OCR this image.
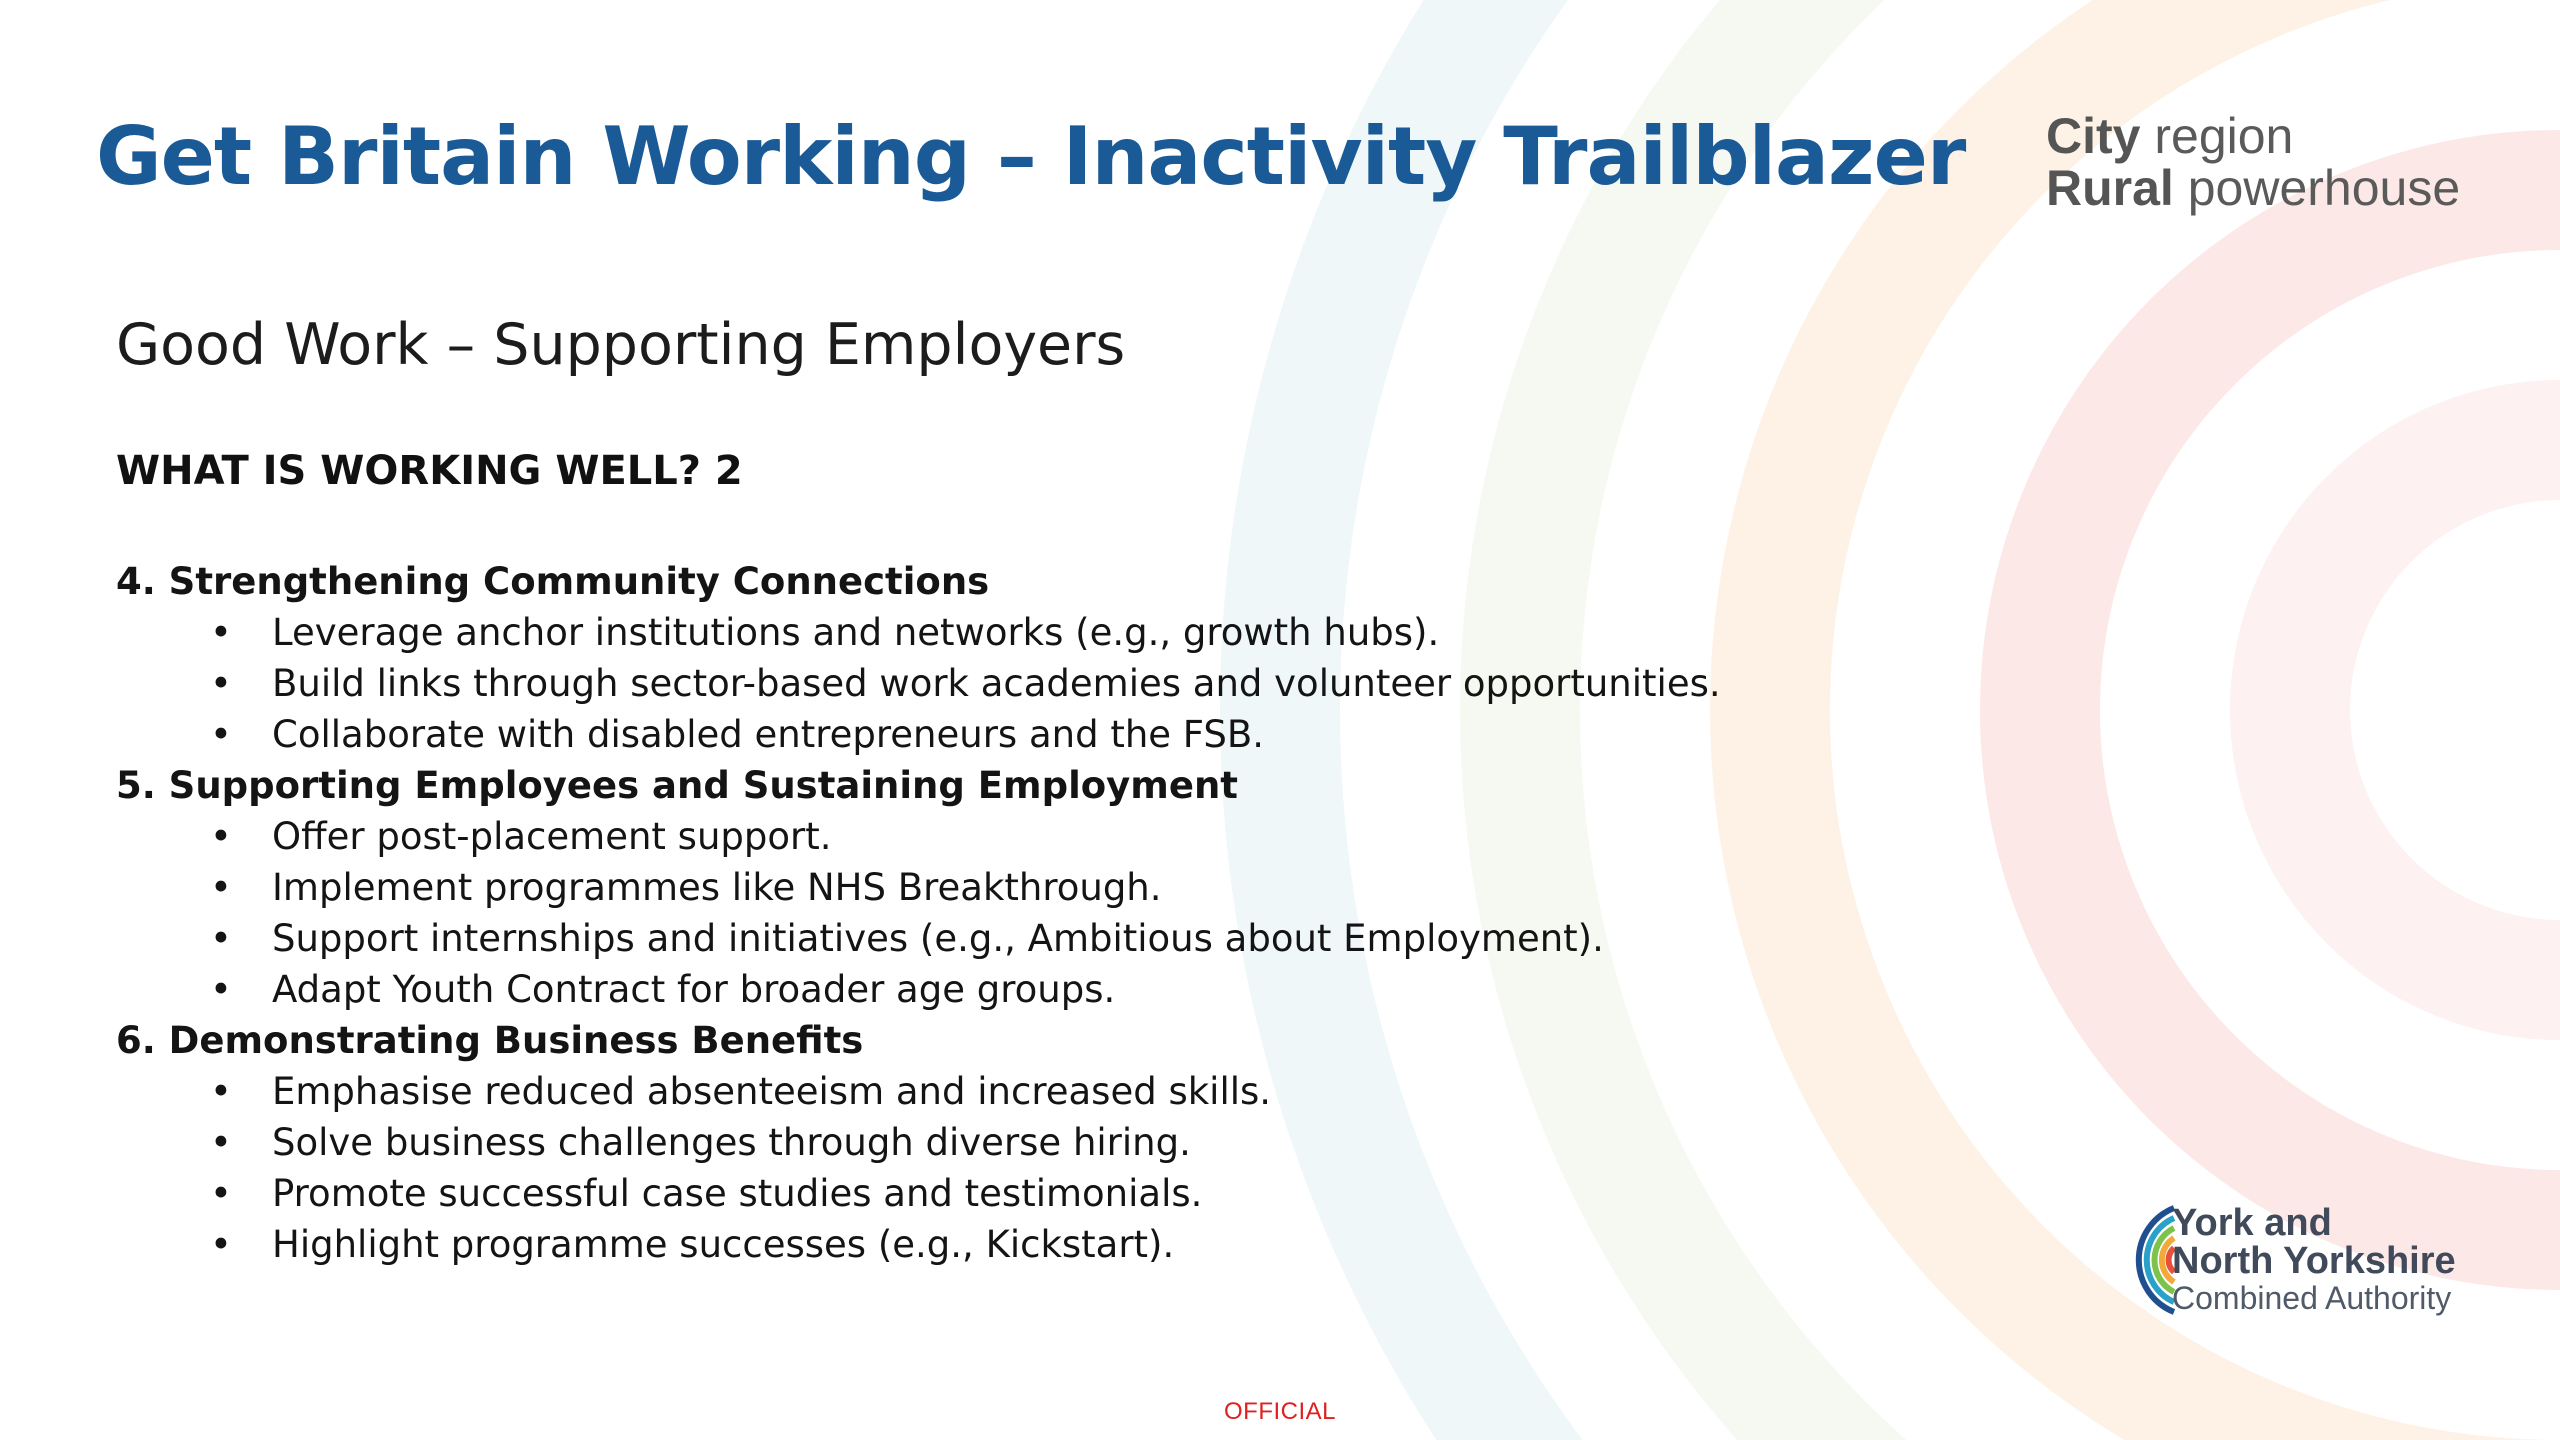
Get Britain Working – Inactivity Trailblazer City region
Rural powerhouse
Good Work – Supporting Employers
WHAT IS WORKING WELL? 2
4. Strengthening Community Connections
• Leverage anchor institutions and networks (e.g., growth hubs).
• Build links through sector-based work academies and volunteer opportunities.
• Collaborate with disabled entrepreneurs and the FSB.
5. Supporting Employees and Sustaining Employment
• Offer post-placement support.
• Implement programmes like NHS Breakthrough.
• Support internships and initiatives (e.g., Ambitious about Employment).
• Adapt Youth Contract for broader age groups.
6. Demonstrating Business Benefits
• Emphasise reduced absenteeism and increased skills.
• Solve business challenges through diverse hiring.
• Promote successful case studies and testimonials.
• Highlight programme successes (e.g., Kickstart).	York and
North Yorkshire
Combined Authority
OFFICIAL
